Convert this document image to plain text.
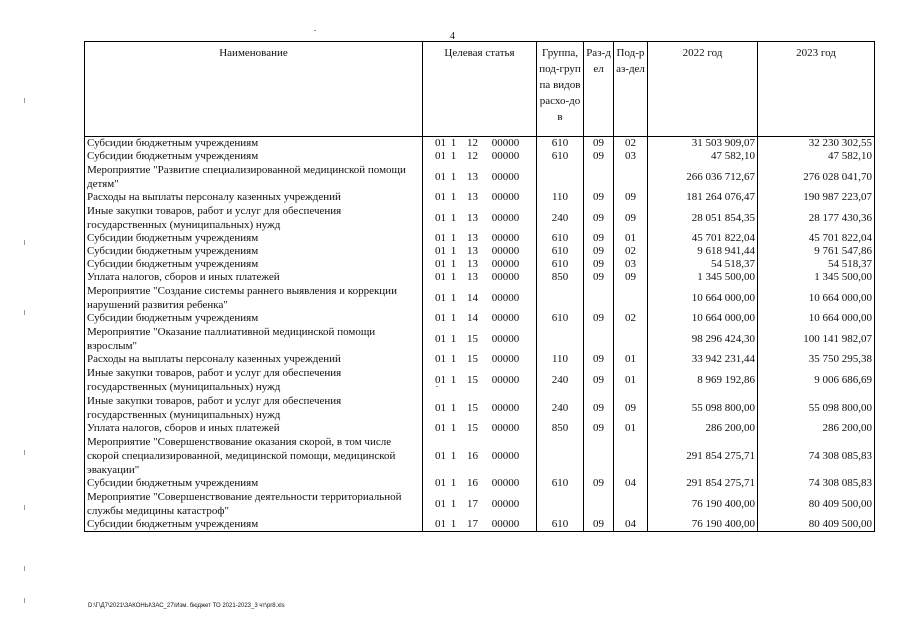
4
Наименование	Целевая статья	Группа, под-группа видов расхо-дов	Раз-дел	Под-раз-дел	2022 год	2023 год
Субсидии бюджетным учреждениям	01 1 12 00000	610	09	02	31 503 909,07	32 230 302,55
Субсидии бюджетным учреждениям	01 1 12 00000	610	09	03	47 582,10	47 582,10
Мероприятие "Развитие специализированной медицинской помощи детям"	01 1 13 00000				266 036 712,67	276 028 041,70
Расходы на выплаты персоналу казенных учреждений	01 1 13 00000	110	09	09	181 264 076,47	190 987 223,07
Иные закупки товаров, работ и услуг для обеспечения государственных (муниципальных) нужд	01 1 13 00000	240	09	09	28 051 854,35	28 177 430,36
Субсидии бюджетным учреждениям	01 1 13 00000	610	09	01	45 701 822,04	45 701 822,04
Субсидии бюджетным учреждениям	01 1 13 00000	610	09	02	9 618 941,44	9 761 547,86
Субсидии бюджетным учреждениям	01 1 13 00000	610	09	03	54 518,37	54 518,37
Уплата налогов, сборов и иных платежей	01 1 13 00000	850	09	09	1 345 500,00	1 345 500,00
Мероприятие "Создание системы раннего выявления и коррекции нарушений развития ребенка"	01 1 14 00000				10 664 000,00	10 664 000,00
Субсидии бюджетным учреждениям	01 1 14 00000	610	09	02	10 664 000,00	10 664 000,00
Мероприятие "Оказание паллиативной медицинской помощи взрослым"	01 1 15 00000				98 296 424,30	100 141 982,07
Расходы на выплаты персоналу казенных учреждений	01 1 15 00000	110	09	01	33 942 231,44	35 750 295,38
Иные закупки товаров, работ и услуг для обеспечения государственных (муниципальных) нужд	01 1 15 00000	240	09	01	8 969 192,86	9 006 686,69
Иные закупки товаров, работ и услуг для обеспечения государственных (муниципальных) нужд	01 1 15 00000	240	09	09	55 098 800,00	55 098 800,00
Уплата налогов, сборов и иных платежей	01 1 15 00000	850	09	01	286 200,00	286 200,00
Мероприятие "Совершенствование оказания скорой, в том числе скорой специализированной, медицинской помощи, медицинской эвакуации"	01 1 16 00000				291 854 275,71	74 308 085,83
Субсидии бюджетным учреждениям	01 1 16 00000	610	09	04	291 854 275,71	74 308 085,83
Мероприятие "Совершенствование деятельности территориальной службы медицины катастроф"	01 1 17 00000				76 190 400,00	80 409 500,00
Субсидии бюджетным учреждениям	01 1 17 00000	610	09	04	76 190 400,00	80 409 500,00
D:\Г\Д7\2021\ЗАКОНЫ\ЗАС_27\Изм. бюджет ТО 2021-2023_3 чт\pr8.xls
